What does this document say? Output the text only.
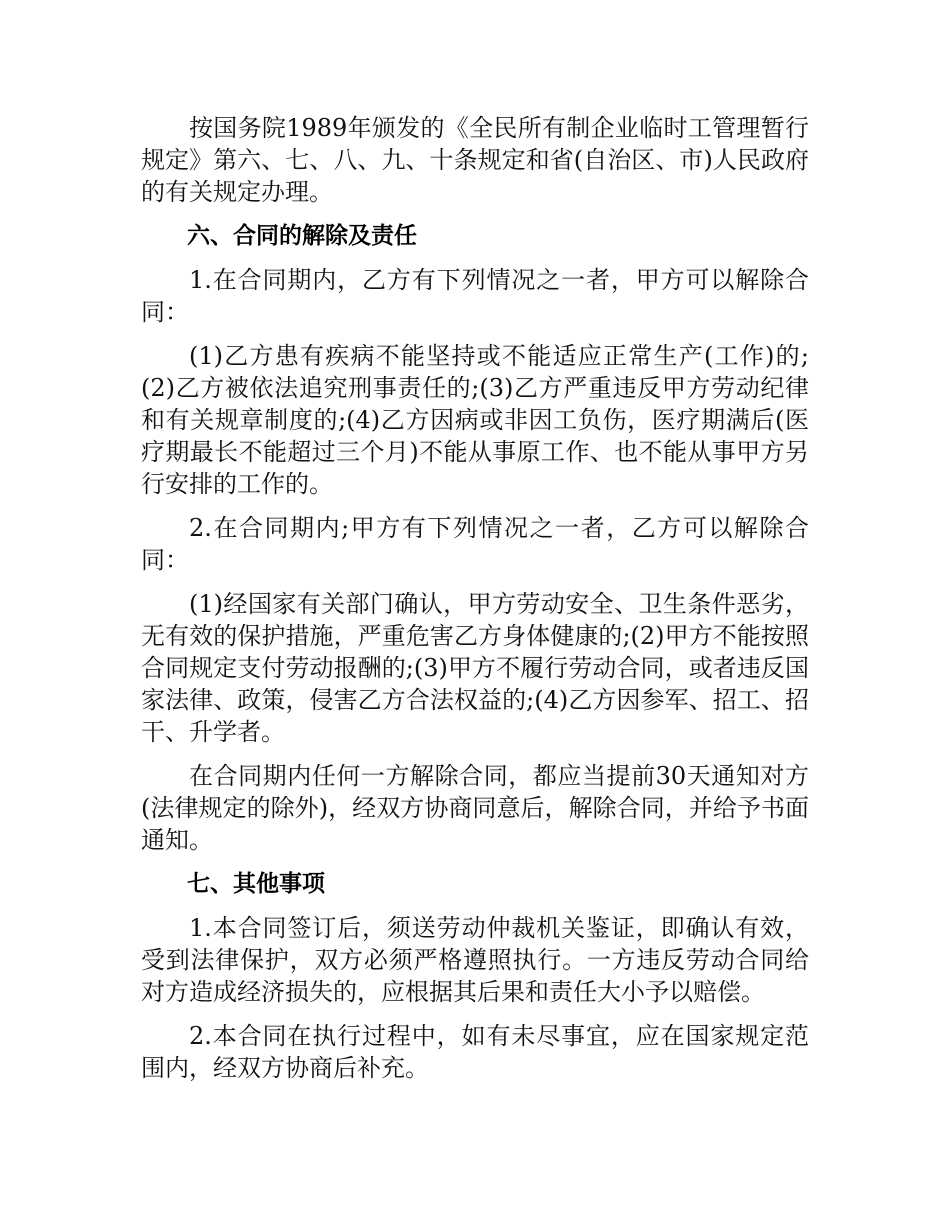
按国务院1989年颁发的《全民所有制企业临时工管理暂行规定》第六、七、八、九、十条规定和省(自治区、市)人民政府的有关规定办理。

六、合同的解除及责任

1.在合同期内，乙方有下列情况之一者，甲方可以解除合同：

(1)乙方患有疾病不能坚持或不能适应正常生产(工作)的;(2)乙方被依法追究刑事责任的;(3)乙方严重违反甲方劳动纪律和有关规章制度的;(4)乙方因病或非因工负伤，医疗期满后(医疗期最长不能超过三个月)不能从事原工作、也不能从事甲方另行安排的工作的。

2.在合同期内;甲方有下列情况之一者，乙方可以解除合同：

(1)经国家有关部门确认，甲方劳动安全、卫生条件恶劣，无有效的保护措施，严重危害乙方身体健康的;(2)甲方不能按照合同规定支付劳动报酬的;(3)甲方不履行劳动合同，或者违反国家法律、政策，侵害乙方合法权益的;(4)乙方因参军、招工、招干、升学者。

在合同期内任何一方解除合同，都应当提前30天通知对方(法律规定的除外)，经双方协商同意后，解除合同，并给予书面通知。

七、其他事项

1.本合同签订后，须送劳动仲裁机关鉴证，即确认有效，受到法律保护，双方必须严格遵照执行。一方违反劳动合同给对方造成经济损失的，应根据其后果和责任大小予以赔偿。

2.本合同在执行过程中，如有未尽事宜，应在国家规定范围内，经双方协商后补充。
